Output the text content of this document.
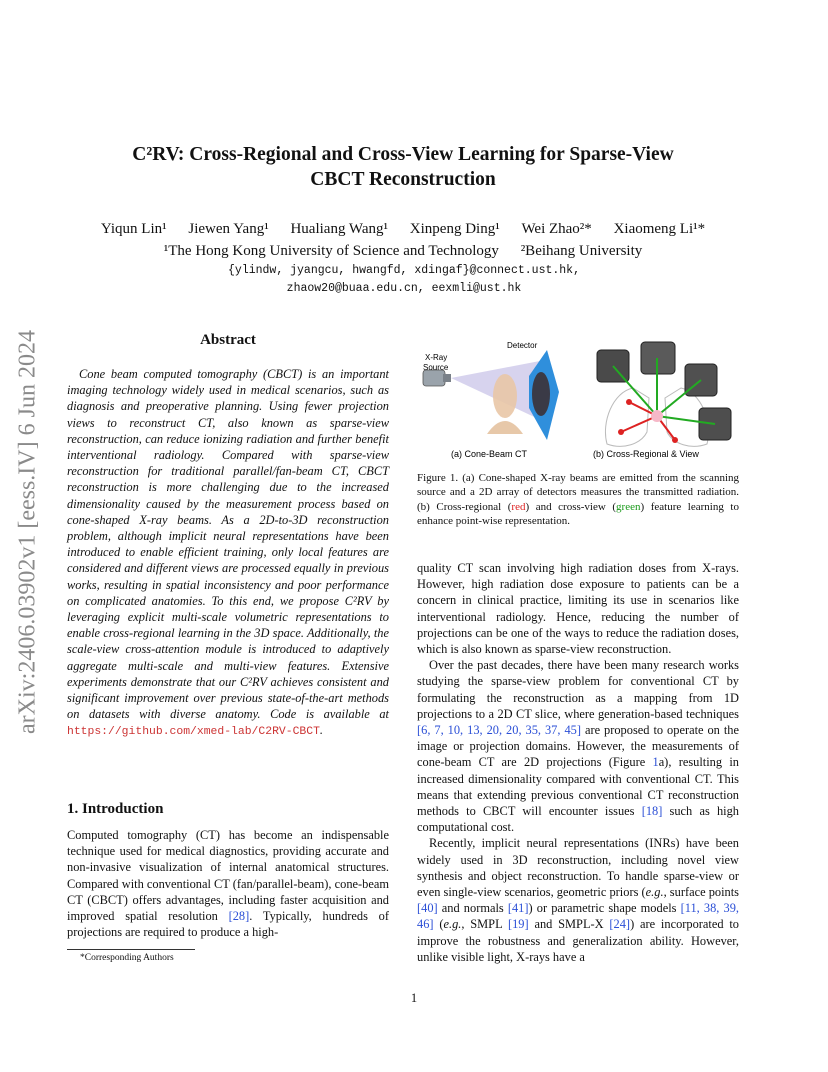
arXiv:2406.03902v1 [eess.IV] 6 Jun 2024
C²RV: Cross-Regional and Cross-View Learning for Sparse-View
CBCT Reconstruction
Yiqun Lin¹ Jiewen Yang¹ Hualiang Wang¹ Xinpeng Ding¹ Wei Zhao²* Xiaomeng Li¹*
¹The Hong Kong University of Science and Technology ²Beihang University
{ylindw, jyangcu, hwangfd, xdingaf}@connect.ust.hk,
zhaow20@buaa.edu.cn, eexmli@ust.hk
Abstract
Cone beam computed tomography (CBCT) is an important imaging technology widely used in medical scenarios, such as diagnosis and preoperative planning. Using fewer projection views to reconstruct CT, also known as sparse-view reconstruction, can reduce ionizing radiation and further benefit interventional radiology. Compared with sparse-view reconstruction for traditional parallel/fan-beam CT, CBCT reconstruction is more challenging due to the increased dimensionality caused by the measurement process based on cone-shaped X-ray beams. As a 2D-to-3D reconstruction problem, although implicit neural representations have been introduced to enable efficient training, only local features are considered and different views are processed equally in previous works, resulting in spatial inconsistency and poor performance on complicated anatomies. To this end, we propose C²RV by leveraging explicit multi-scale volumetric representations to enable cross-regional learning in the 3D space. Additionally, the scale-view cross-attention module is introduced to adaptively aggregate multi-scale and multi-view features. Extensive experiments demonstrate that our C²RV achieves consistent and significant improvement over previous state-of-the-art methods on datasets with diverse anatomy. Code is available at https://github.com/xmed-lab/C2RV-CBCT.
1. Introduction
Computed tomography (CT) has become an indispensable technique used for medical diagnostics, providing accurate and non-invasive visualization of internal anatomical structures. Compared with conventional CT (fan/parallel-beam), cone-beam CT (CBCT) offers advantages, including faster acquisition and improved spatial resolution [28]. Typically, hundreds of projections are required to produce a high-
*Corresponding Authors
X-Ray
Source
Detector
(a) Cone-Beam CT	(b) Cross-Regional & View
Figure 1. (a) Cone-shaped X-ray beams are emitted from the scanning source and a 2D array of detectors measures the transmitted radiation. (b) Cross-regional (red) and cross-view (green) feature learning to enhance point-wise representation.

quality CT scan involving high radiation doses from X-rays. However, high radiation dose exposure to patients can be a concern in clinical practice, limiting its use in scenarios like interventional radiology. Hence, reducing the number of projections can be one of the ways to reduce the radiation doses, which is also known as sparse-view reconstruction.

Over the past decades, there have been many research works studying the sparse-view problem for conventional CT by formulating the reconstruction as a mapping from 1D projections to a 2D CT slice, where generation-based techniques [6, 7, 10, 13, 20, 20, 35, 37, 45] are proposed to operate on the image or projection domains. However, the measurements of cone-beam CT are 2D projections (Figure 1a), resulting in increased dimensionality compared with conventional CT. This means that extending previous conventional CT reconstruction methods to CBCT will encounter issues [18] such as high computational cost.

Recently, implicit neural representations (INRs) have been widely used in 3D reconstruction, including novel view synthesis and object reconstruction. To handle sparse-view or even single-view scenarios, geometric priors (e.g., surface points [40] and normals [41]) or parametric shape models [11, 38, 39, 46] (e.g., SMPL [19] and SMPL-X [24]) are incorporated to improve the robustness and generalization ability. However, unlike visible light, X-rays have a

1
